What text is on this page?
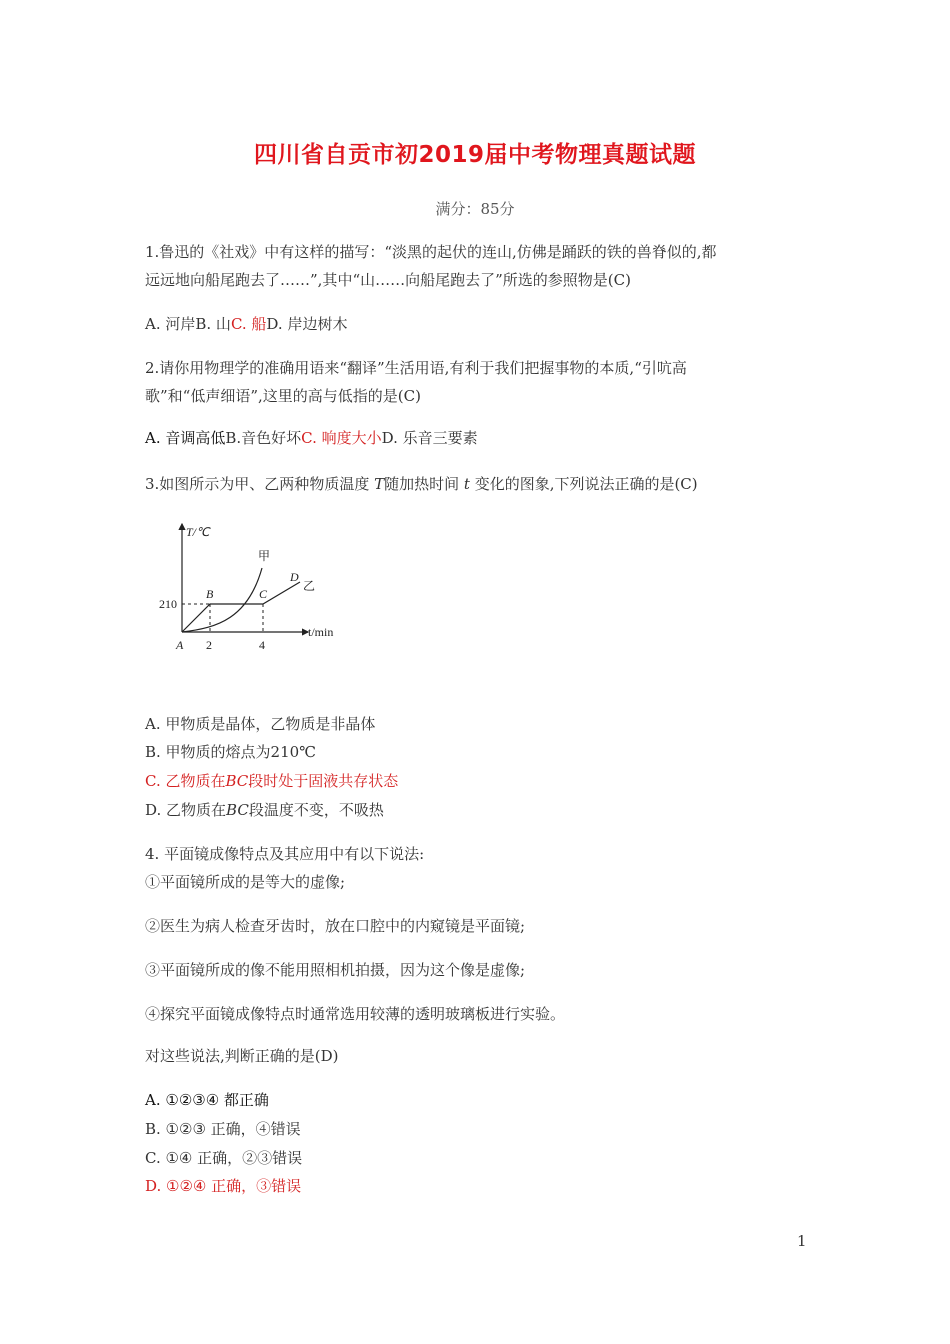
四川省自贡市初2019届中考物理真题试题
满分：85分
1.鲁迅的《社戏》中有这样的描写：“淡黑的起伏的连山,仿佛是踊跃的铁的兽脊似的,都
远远地向船尾跑去了……”,其中“山……向船尾跑去了”所选的参照物是(C)
A. 河岸B. 山C. 船D. 岸边树木
2.请你用物理学的准确用语来“翻译”生活用语,有利于我们把握事物的本质,“引吭高
歌”和“低声细语”,这里的高与低指的是(C)
A. 音调高低B.音色好坏C. 响度大小D. 乐音三要素
3.如图所示为甲、乙两种物质温度 T随加热时间 t 变化的图象,下列说法正确的是(C)
T/℃
t/min
210
2	4
A
B	C
D
甲
乙
A. 甲物质是晶体，乙物质是非晶体
B. 甲物质的熔点为210℃
C. 乙物质在BC段时处于固液共存状态
D. 乙物质在BC段温度不变，不吸热
4. 平面镜成像特点及其应用中有以下说法:
①平面镜所成的是等大的虚像;
②医生为病人检查牙齿时，放在口腔中的内窥镜是平面镜;
③平面镜所成的像不能用照相机拍摄，因为这个像是虚像;
④探究平面镜成像特点时通常选用较薄的透明玻璃板进行实验。
对这些说法,判断正确的是(D)
A. ①②③④ 都正确
B. ①②③ 正确，④错误
C. ①④ 正确，②③错误
D. ①②④ 正确，③错误
1
